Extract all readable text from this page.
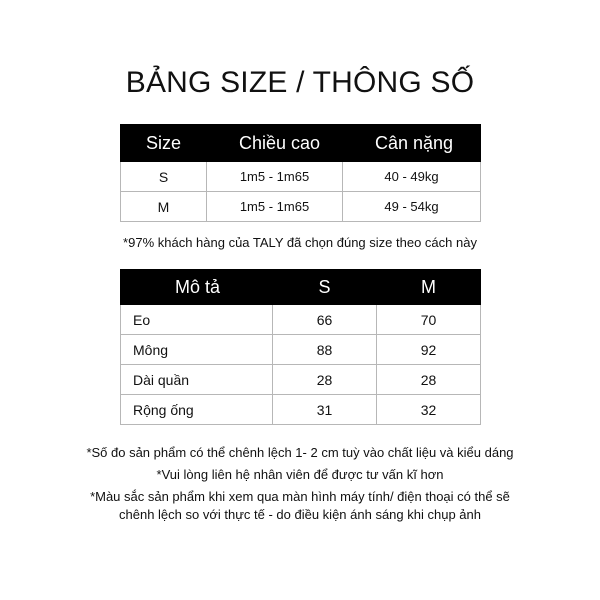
BẢNG SIZE / THÔNG SỐ
Size	Chiều cao	Cân nặng
S	1m5 - 1m65	40 - 49kg
M	1m5 - 1m65	49 - 54kg
*97% khách hàng của TALY đã chọn đúng size theo cách này
Mô tả	S	M
Eo	66	70
Mông	88	92
Dài quần	28	28
Rộng ống	31	32

*Số đo sản phẩm có thể chênh lệch 1- 2 cm tuỳ vào chất liệu và kiểu dáng

*Vui lòng liên hệ nhân viên để được tư vấn kĩ hơn

*Màu sắc sản phẩm khi xem qua màn hình máy tính/ điện thoại có thể sẽ

chênh lệch so với thực tế - do điều kiện ánh sáng khi chụp ảnh
